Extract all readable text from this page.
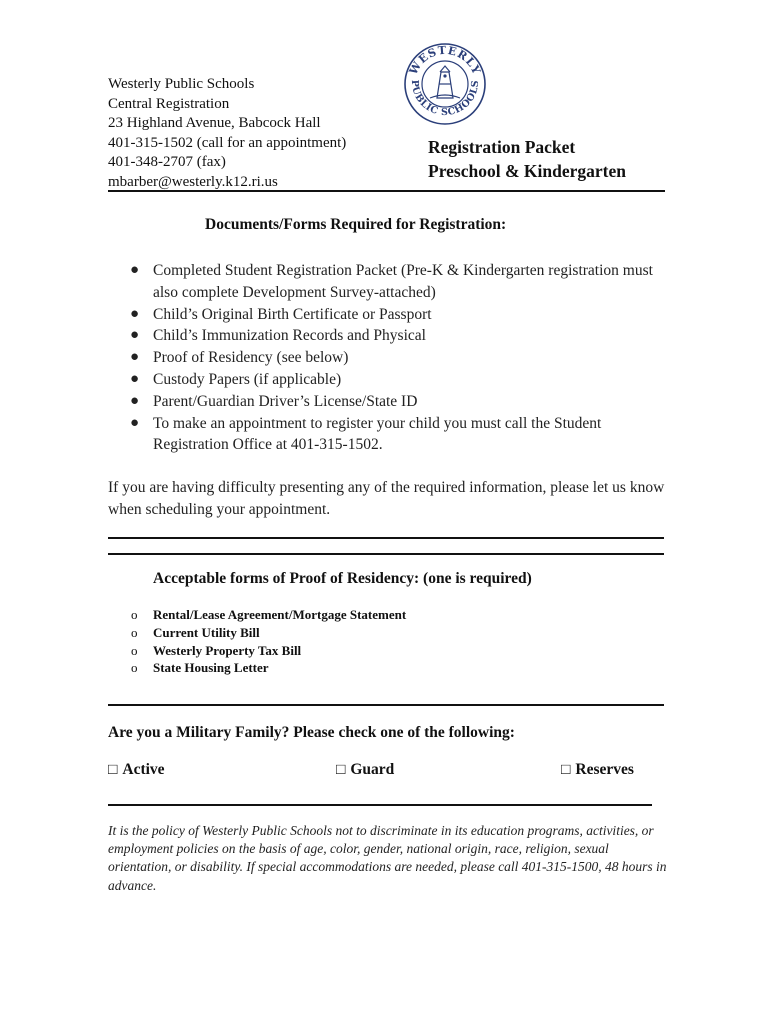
Westerly Public Schools
Central Registration
23 Highland Avenue, Babcock Hall
401-315-1502 (call for an appointment)
401-348-2707 (fax)
mbarber@westerly.k12.ri.us
WESTERLY
PUBLIC SCHOOLS
Registration Packet
Preschool & Kindergarten
Documents/Forms Required for Registration:
● Completed Student Registration Packet (Pre-K & Kindergarten registration must also complete Development Survey-attached)
● Child’s Original Birth Certificate or Passport
● Child’s Immunization Records and Physical
● Proof of Residency (see below)
● Custody Papers (if applicable)
● Parent/Guardian Driver’s License/State ID
● To make an appointment to register your child you must call the Student Registration Office at 401-315-1502.
If you are having difficulty presenting any of the required information, please let us know when scheduling your appointment.
Acceptable forms of Proof of Residency: (one is required)
o Rental/Lease Agreement/Mortgage Statement
o Current Utility Bill
o Westerly Property Tax Bill
o State Housing Letter
Are you a Military Family? Please check one of the following:
□ Active	□ Guard	□ Reserves
It is the policy of Westerly Public Schools not to discriminate in its education programs, activities, or employment policies on the basis of age, color, gender, national origin, race, religion, sexual orientation, or disability. If special accommodations are needed, please call 401-315-1500, 48 hours in advance.
